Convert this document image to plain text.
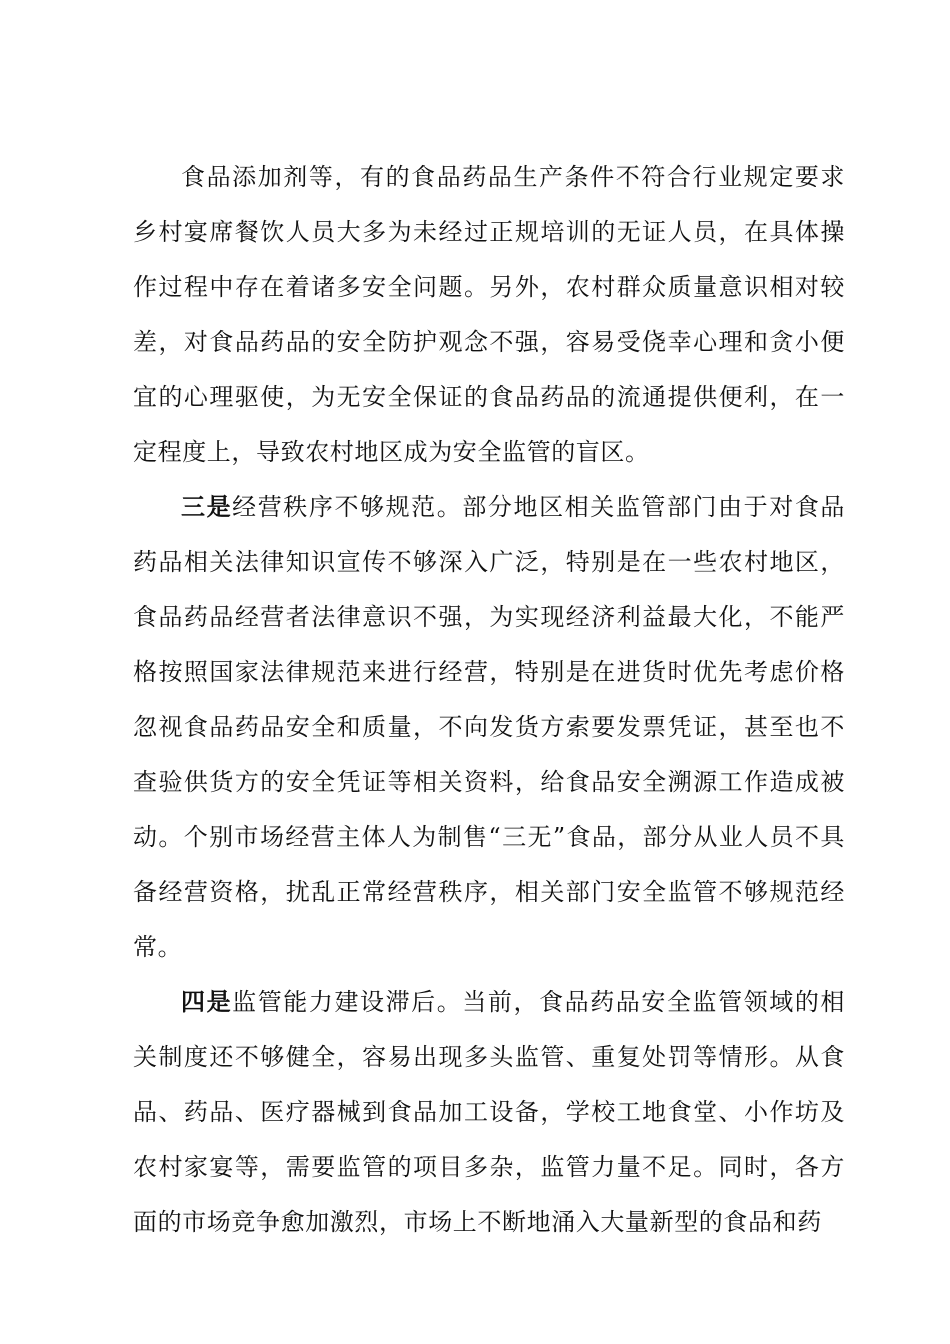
食品添加剂等，有的食品药品生产条件不符合行业规定要求乡村宴席餐饮人员大多为未经过正规培训的无证人员，在具体操作过程中存在着诸多安全问题。另外，农村群众质量意识相对较差，对食品药品的安全防护观念不强，容易受侥幸心理和贪小便宜的心理驱使，为无安全保证的食品药品的流通提供便利，在一定程度上，导致农村地区成为安全监管的盲区。

三是经营秩序不够规范。部分地区相关监管部门由于对食品药品相关法律知识宣传不够深入广泛，特别是在一些农村地区，食品药品经营者法律意识不强，为实现经济利益最大化，不能严格按照国家法律规范来进行经营，特别是在进货时优先考虑价格忽视食品药品安全和质量，不向发货方索要发票凭证，甚至也不查验供货方的安全凭证等相关资料，给食品安全溯源工作造成被动。个别市场经营主体人为制售“三无”食品，部分从业人员不具备经营资格，扰乱正常经营秩序，相关部门安全监管不够规范经常。

四是监管能力建设滞后。当前，食品药品安全监管领域的相关制度还不够健全，容易出现多头监管、重复处罚等情形。从食品、药品、医疗器械到食品加工设备，学校工地食堂、小作坊及农村家宴等，需要监管的项目多杂，监管力量不足。同时，各方面的市场竞争愈加激烈，市场上不断地涌入大量新型的食品和药
